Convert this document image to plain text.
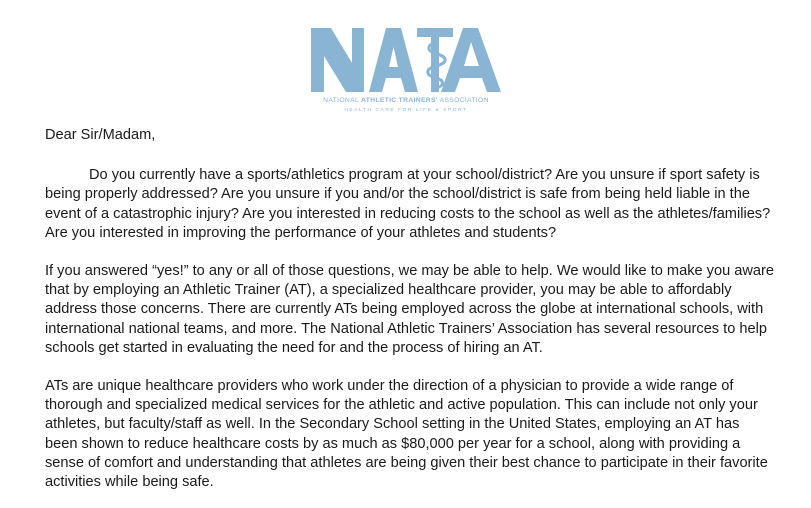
NATIONAL ATHLETIC TRAINERS' ASSOCIATION
HEALTH CARE FOR LIFE & SPORT

Dear Sir/Madam,

Do you currently have a sports/athletics program at your school/district? Are you unsure if sport safety is being properly addressed? Are you unsure if you and/or the school/district is safe from being held liable in the event of a catastrophic injury? Are you interested in reducing costs to the school as well as the athletes/families? Are you interested in improving the performance of your athletes and students?

If you answered “yes!” to any or all of those questions, we may be able to help. We would like to make you aware that by employing an Athletic Trainer (AT), a specialized healthcare provider, you may be able to affordably address those concerns. There are currently ATs being employed across the globe at international schools, with international national teams, and more. The National Athletic Trainers’ Association has several resources to help schools get started in evaluating the need for and the process of hiring an AT.

ATs are unique healthcare providers who work under the direction of a physician to provide a wide range of thorough and specialized medical services for the athletic and active population. This can include not only your athletes, but faculty/staff as well. In the Secondary School setting in the United States, employing an AT has been shown to reduce healthcare costs by as much as $80,000 per year for a school, along with providing a sense of comfort and understanding that athletes are being given their best chance to participate in their favorite activities while being safe.
